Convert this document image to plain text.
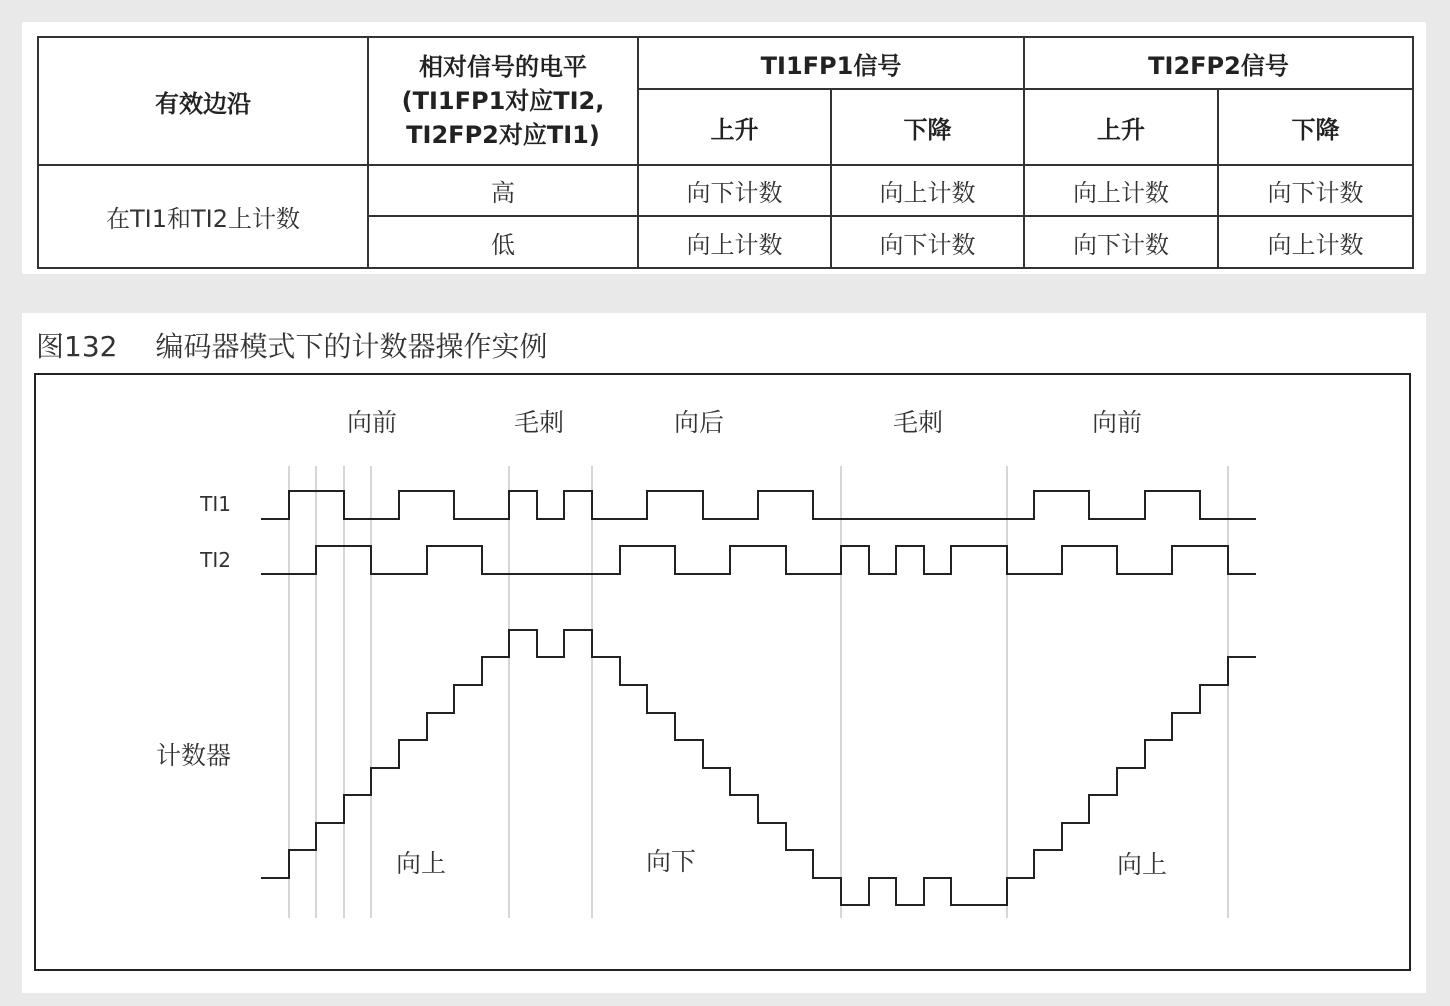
有效边沿	相对信号的电平
(TI1FP1对应TI2,
TI2FP2对应TI1)	TI1FP1信号		TI2FP2信号	
		上升	下降	上升	下降
在TI1和TI2上计数	高	向下计数	向上计数	向上计数	向下计数
	低	向上计数	向下计数	向下计数	向上计数
图132 编码器模式下的计数器操作实例
向前	毛刺	向后	毛刺	向前
TI1
TI2
计数器
向上	向下	向上
